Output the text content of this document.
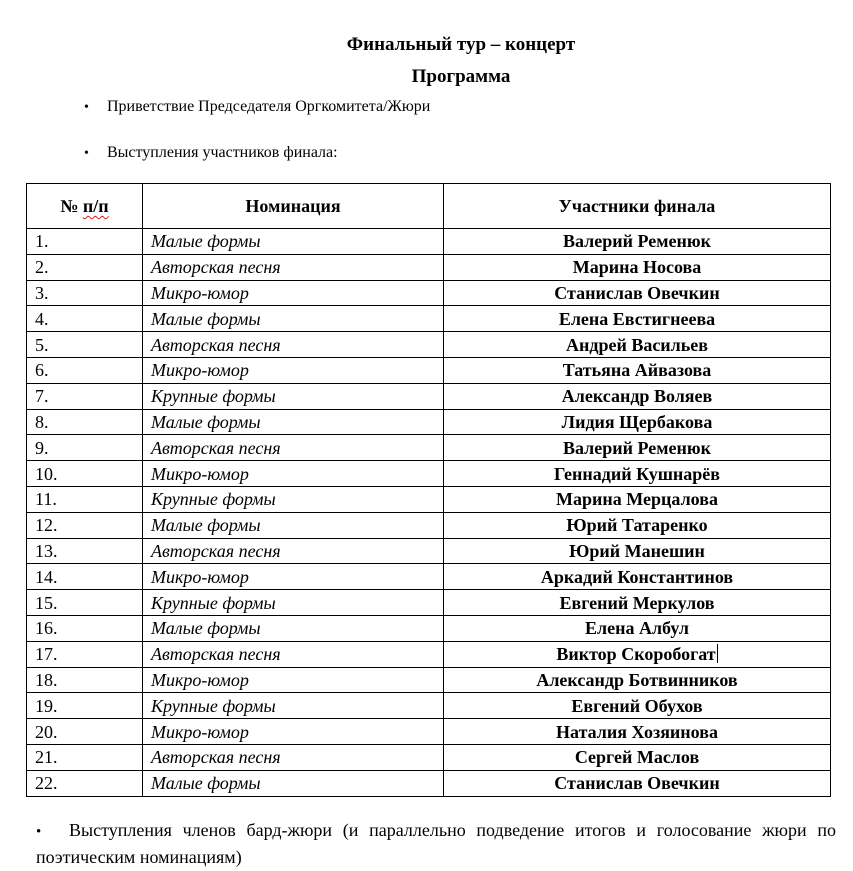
Финальный тур – концерт
Программа
• Приветствие Председателя Оргкомитета/Жюри
• Выступления участников финала:
№ п/п	Номинация	Участники финала
1.	Малые формы	Валерий Ременюк
2.	Авторская песня	Марина Носова
3.	Микро-юмор	Станислав Овечкин
4.	Малые формы	Елена Евстигнеева
5.	Авторская песня	Андрей Васильев
6.	Микро-юмор	Татьяна Айвазова
7.	Крупные формы	Александр Воляев
8.	Малые формы	Лидия Щербакова
9.	Авторская песня	Валерий Ременюк
10.	Микро-юмор	Геннадий Кушнарёв
11.	Крупные формы	Марина Мерцалова
12.	Малые формы	Юрий Татаренко
13.	Авторская песня	Юрий Манешин
14.	Микро-юмор	Аркадий Константинов
15.	Крупные формы	Евгений Меркулов
16.	Малые формы	Елена Албул
17.	Авторская песня	Виктор Скоробогат
18.	Микро-юмор	Александр Ботвинников
19.	Крупные формы	Евгений Обухов
20.	Микро-юмор	Наталия Хозяинова
21.	Авторская песня	Сергей Маслов
22.	Малые формы	Станислав Овечкин
• Выступления членов бард-жюри (и параллельно подведение итогов и голосование жюри по поэтическим номинациям)
